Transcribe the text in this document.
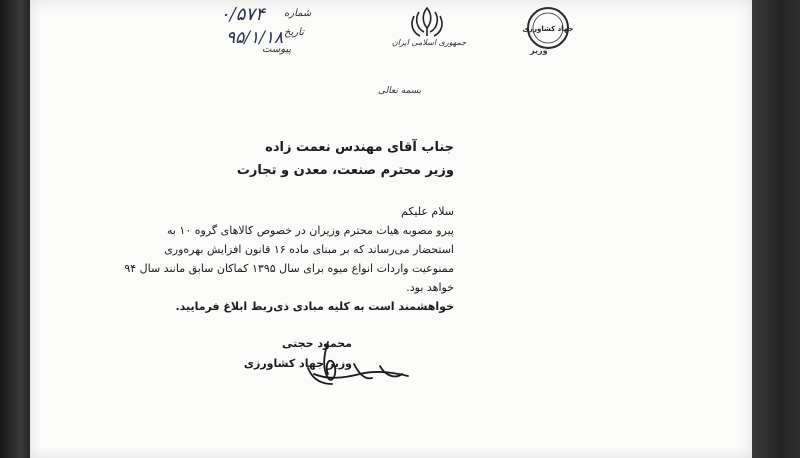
شماره
۰/۵۷۴
تاریخ
۹۵/۱/۱۸
پیوست
جمهوری اسلامی ایران
جهاد کشاورزی
وزیر
بسمه تعالی
جناب آقای مهندس نعمت زاده
وزیر محترم صنعت، معدن و تجارت
سلام علیکم
پیرو مصوبه هیات محترم وزیران در خصوص کالاهای گروه ۱۰ به
استحضار می‌رساند که بر مبنای ماده ۱۶ قانون افزایش بهره‌وری
ممنوعیت واردات انواع میوه برای سال ۱۳۹۵ کماکان سابق مانند سال ۹۴
خواهد بود.
خواهشمند است به کلیه مبادی ذی‌ربط ابلاغ فرمایید.
محمود حجتی
وزیر جهاد کشاورزی
